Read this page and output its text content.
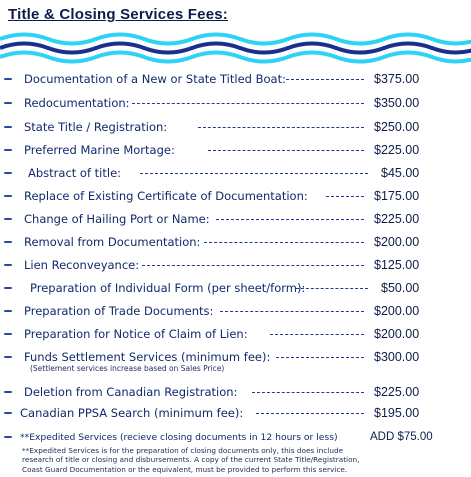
Title & Closing Services Fees:
Documentation of a New or State Titled Boat:	$375.00
Redocumentation:	$350.00
State Title / Registration:	$250.00
Preferred Marine Mortage:	$225.00
Abstract of title:	$45.00
Replace of Existing Certificate of Documentation:	$175.00
Change of Hailing Port or Name:	$225.00
Removal from Documentation:	$200.00
Lien Reconveyance:	$125.00
Preparation of Individual Form (per sheet/form):	$50.00
Preparation of Trade Documents:	$200.00
Preparation for Notice of Claim of Lien:	$200.00
Funds Settlement Services (minimum fee):	$300.00
(Settlement services increase based on Sales Price)
Deletion from Canadian Registration:	$225.00
Canadian PPSA Search (minimum fee):	$195.00
**Expedited Services (recieve closing documents in 12 hours or less)	ADD $75.00
**Expedited Services is for the preparation of closing documents only, this does include
research of title or closing and disbursements. A copy of the current State Title/Registration,
Coast Guard Documentation or the equivalent, must be provided to perform this service.
